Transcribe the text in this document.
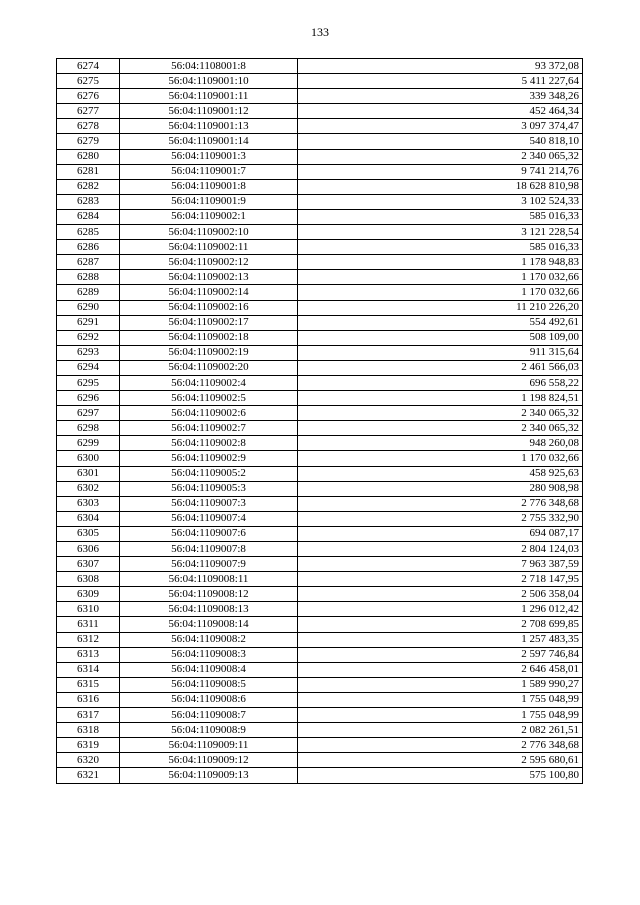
133
6274	56:04:1108001:8	93 372,08
6275	56:04:1109001:10	5 411 227,64
6276	56:04:1109001:11	339 348,26
6277	56:04:1109001:12	452 464,34
6278	56:04:1109001:13	3 097 374,47
6279	56:04:1109001:14	540 818,10
6280	56:04:1109001:3	2 340 065,32
6281	56:04:1109001:7	9 741 214,76
6282	56:04:1109001:8	18 628 810,98
6283	56:04:1109001:9	3 102 524,33
6284	56:04:1109002:1	585 016,33
6285	56:04:1109002:10	3 121 228,54
6286	56:04:1109002:11	585 016,33
6287	56:04:1109002:12	1 178 948,83
6288	56:04:1109002:13	1 170 032,66
6289	56:04:1109002:14	1 170 032,66
6290	56:04:1109002:16	11 210 226,20
6291	56:04:1109002:17	554 492,61
6292	56:04:1109002:18	508 109,00
6293	56:04:1109002:19	911 315,64
6294	56:04:1109002:20	2 461 566,03
6295	56:04:1109002:4	696 558,22
6296	56:04:1109002:5	1 198 824,51
6297	56:04:1109002:6	2 340 065,32
6298	56:04:1109002:7	2 340 065,32
6299	56:04:1109002:8	948 260,08
6300	56:04:1109002:9	1 170 032,66
6301	56:04:1109005:2	458 925,63
6302	56:04:1109005:3	280 908,98
6303	56:04:1109007:3	2 776 348,68
6304	56:04:1109007:4	2 755 332,90
6305	56:04:1109007:6	694 087,17
6306	56:04:1109007:8	2 804 124,03
6307	56:04:1109007:9	7 963 387,59
6308	56:04:1109008:11	2 718 147,95
6309	56:04:1109008:12	2 506 358,04
6310	56:04:1109008:13	1 296 012,42
6311	56:04:1109008:14	2 708 699,85
6312	56:04:1109008:2	1 257 483,35
6313	56:04:1109008:3	2 597 746,84
6314	56:04:1109008:4	2 646 458,01
6315	56:04:1109008:5	1 589 990,27
6316	56:04:1109008:6	1 755 048,99
6317	56:04:1109008:7	1 755 048,99
6318	56:04:1109008:9	2 082 261,51
6319	56:04:1109009:11	2 776 348,68
6320	56:04:1109009:12	2 595 680,61
6321	56:04:1109009:13	575 100,80
